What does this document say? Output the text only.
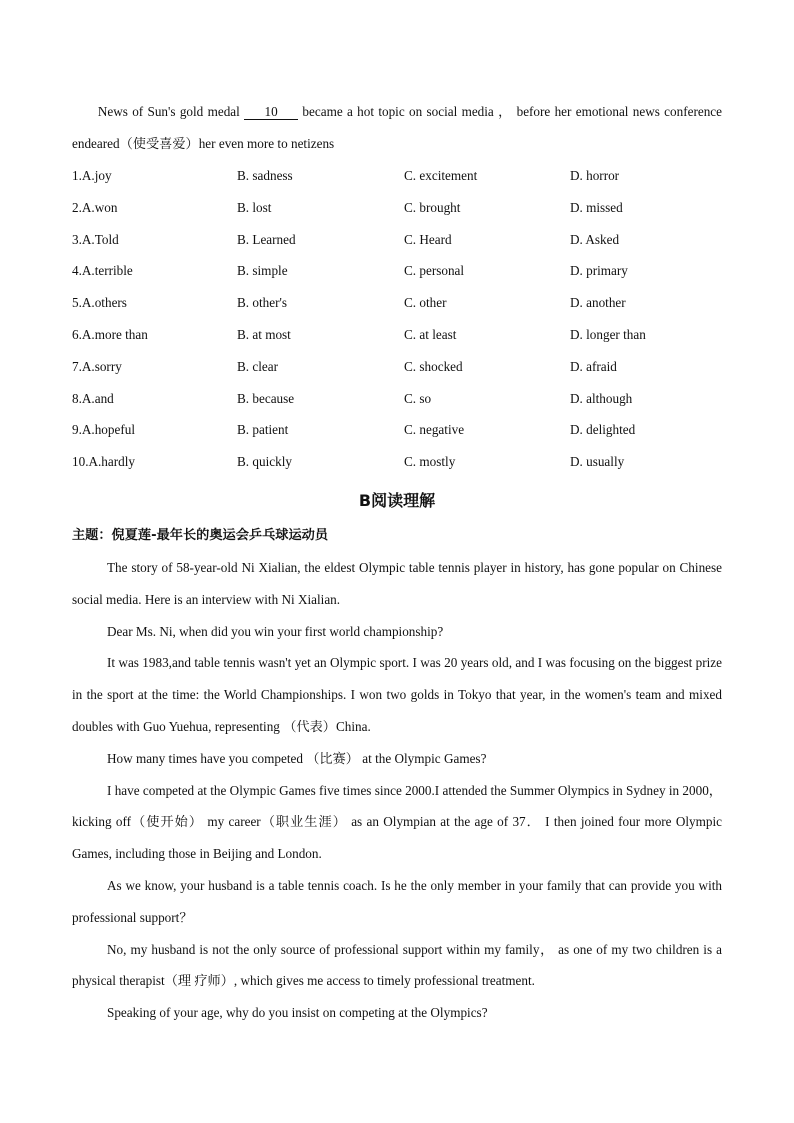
News of Sun's gold medal 10 became a hot topic on social media ， before her emotional news conference endeared（使受喜爱）her even more to netizens

1.A.joy	B. sadness	C. excitement	D. horror
2.A.won	B. lost	C. brought	D. missed
3.A.Told	B. Learned	C. Heard	D. Asked
4.A.terrible	B. simple	C. personal	D. primary
5.A.others	B. other's	C. other	D. another
6.A.more than	B. at most	C. at least	D. longer than
7.A.sorry	B. clear	C. shocked	D. afraid
8.A.and	B. because	C. so	D. although
9.A.hopeful	B. patient	C. negative	D. delighted
10.A.hardly	B. quickly	C. mostly	D. usually
B阅读理解

主题：倪夏莲-最年长的奥运会乒乓球运动员

The story of 58-year-old Ni Xialian, the eldest Olympic table tennis player in history, has gone popular on Chinese social media. Here is an interview with Ni Xialian.

Dear Ms. Ni, when did you win your first world championship?

It was 1983,and table tennis wasn't yet an Olympic sport. I was 20 years old, and I was focusing on the biggest prize in the sport at the time: the World Championships. I won two golds in Tokyo that year, in the women's team and mixed doubles with Guo Yuehua, representing （代表）China.

How many times have you competed （比赛） at the Olympic Games?

I have competed at the Olympic Games five times since 2000.I attended the Summer Olympics in Sydney in 2000， kicking off（使开始） my career（职业生涯） as an Olympian at the age of 37． I then joined four more Olympic Games, including those in Beijing and London.

As we know, your husband is a table tennis coach. Is he the only member in your family that can provide you with professional support？

No, my husband is not the only source of professional support within my family， as one of my two children is a physical therapist（理 疗师）, which gives me access to timely professional treatment.

Speaking of your age, why do you insist on competing at the Olympics?
